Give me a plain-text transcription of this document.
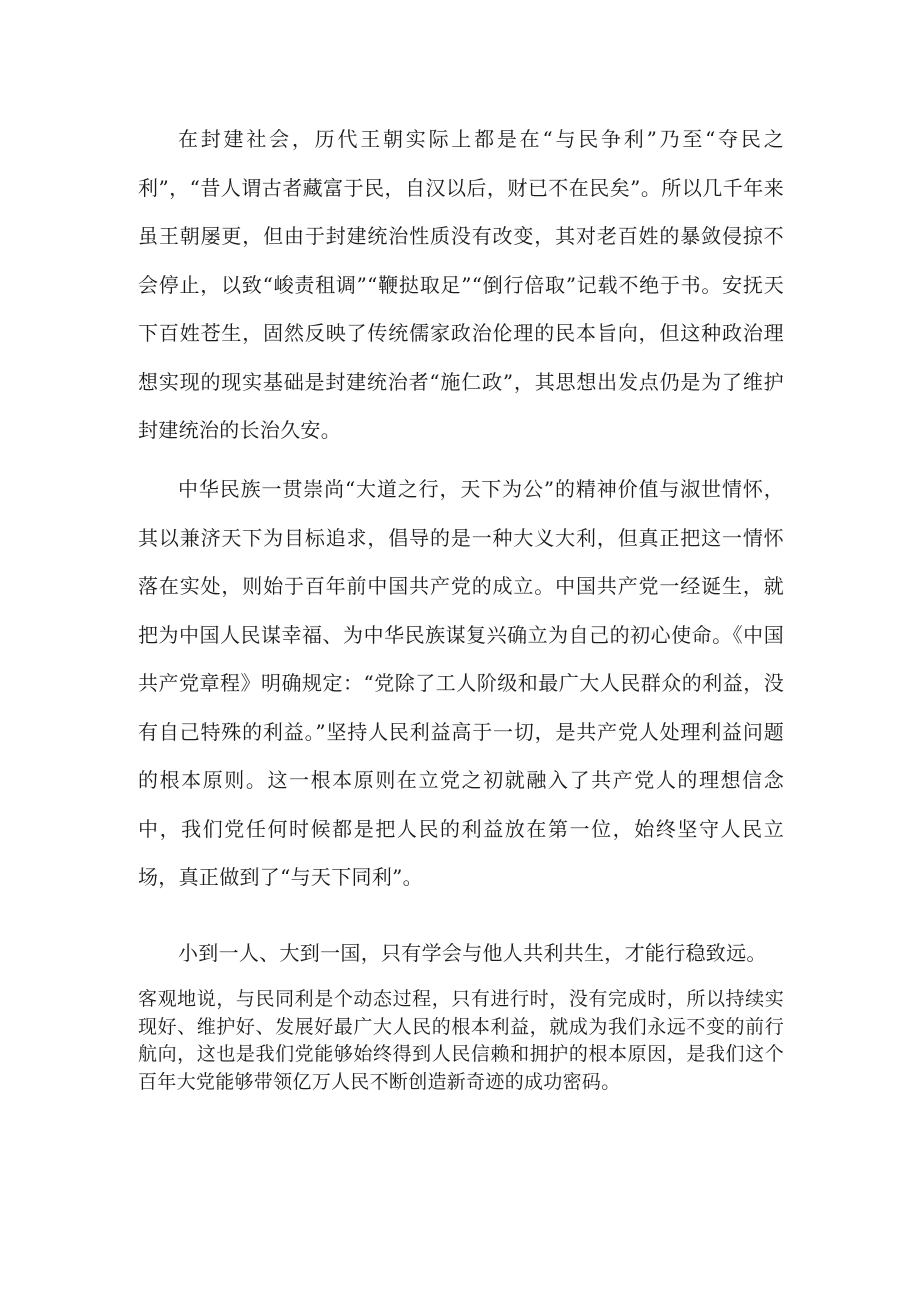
在封建社会，历代王朝实际上都是在“与民争利”乃至“夺民之利”，“昔人谓古者藏富于民，自汉以后，财已不在民矣”。所以几千年来虽王朝屡更，但由于封建统治性质没有改变，其对老百姓的暴敛侵掠不会停止，以致“峻责租调”“鞭挞取足”“倒行倍取”记载不绝于书。安抚天下百姓苍生，固然反映了传统儒家政治伦理的民本旨向，但这种政治理想实现的现实基础是封建统治者“施仁政”，其思想出发点仍是为了维护封建统治的长治久安。

中华民族一贯崇尚“大道之行，天下为公”的精神价值与淑世情怀，其以兼济天下为目标追求，倡导的是一种大义大利，但真正把这一情怀落在实处，则始于百年前中国共产党的成立。中国共产党一经诞生，就把为中国人民谋幸福、为中华民族谋复兴确立为自己的初心使命。《中国共产党章程》明确规定：“党除了工人阶级和最广大人民群众的利益，没有自己特殊的利益。”坚持人民利益高于一切，是共产党人处理利益问题的根本原则。这一根本原则在立党之初就融入了共产党人的理想信念中，我们党任何时候都是把人民的利益放在第一位，始终坚守人民立场，真正做到了“与天下同利”。

小到一人、大到一国，只有学会与他人共利共生，才能行稳致远。

客观地说，与民同利是个动态过程，只有进行时，没有完成时，所以持续实现好、维护好、发展好最广大人民的根本利益，就成为我们永远不变的前行航向，这也是我们党能够始终得到人民信赖和拥护的根本原因，是我们这个百年大党能够带领亿万人民不断创造新奇迹的成功密码。
